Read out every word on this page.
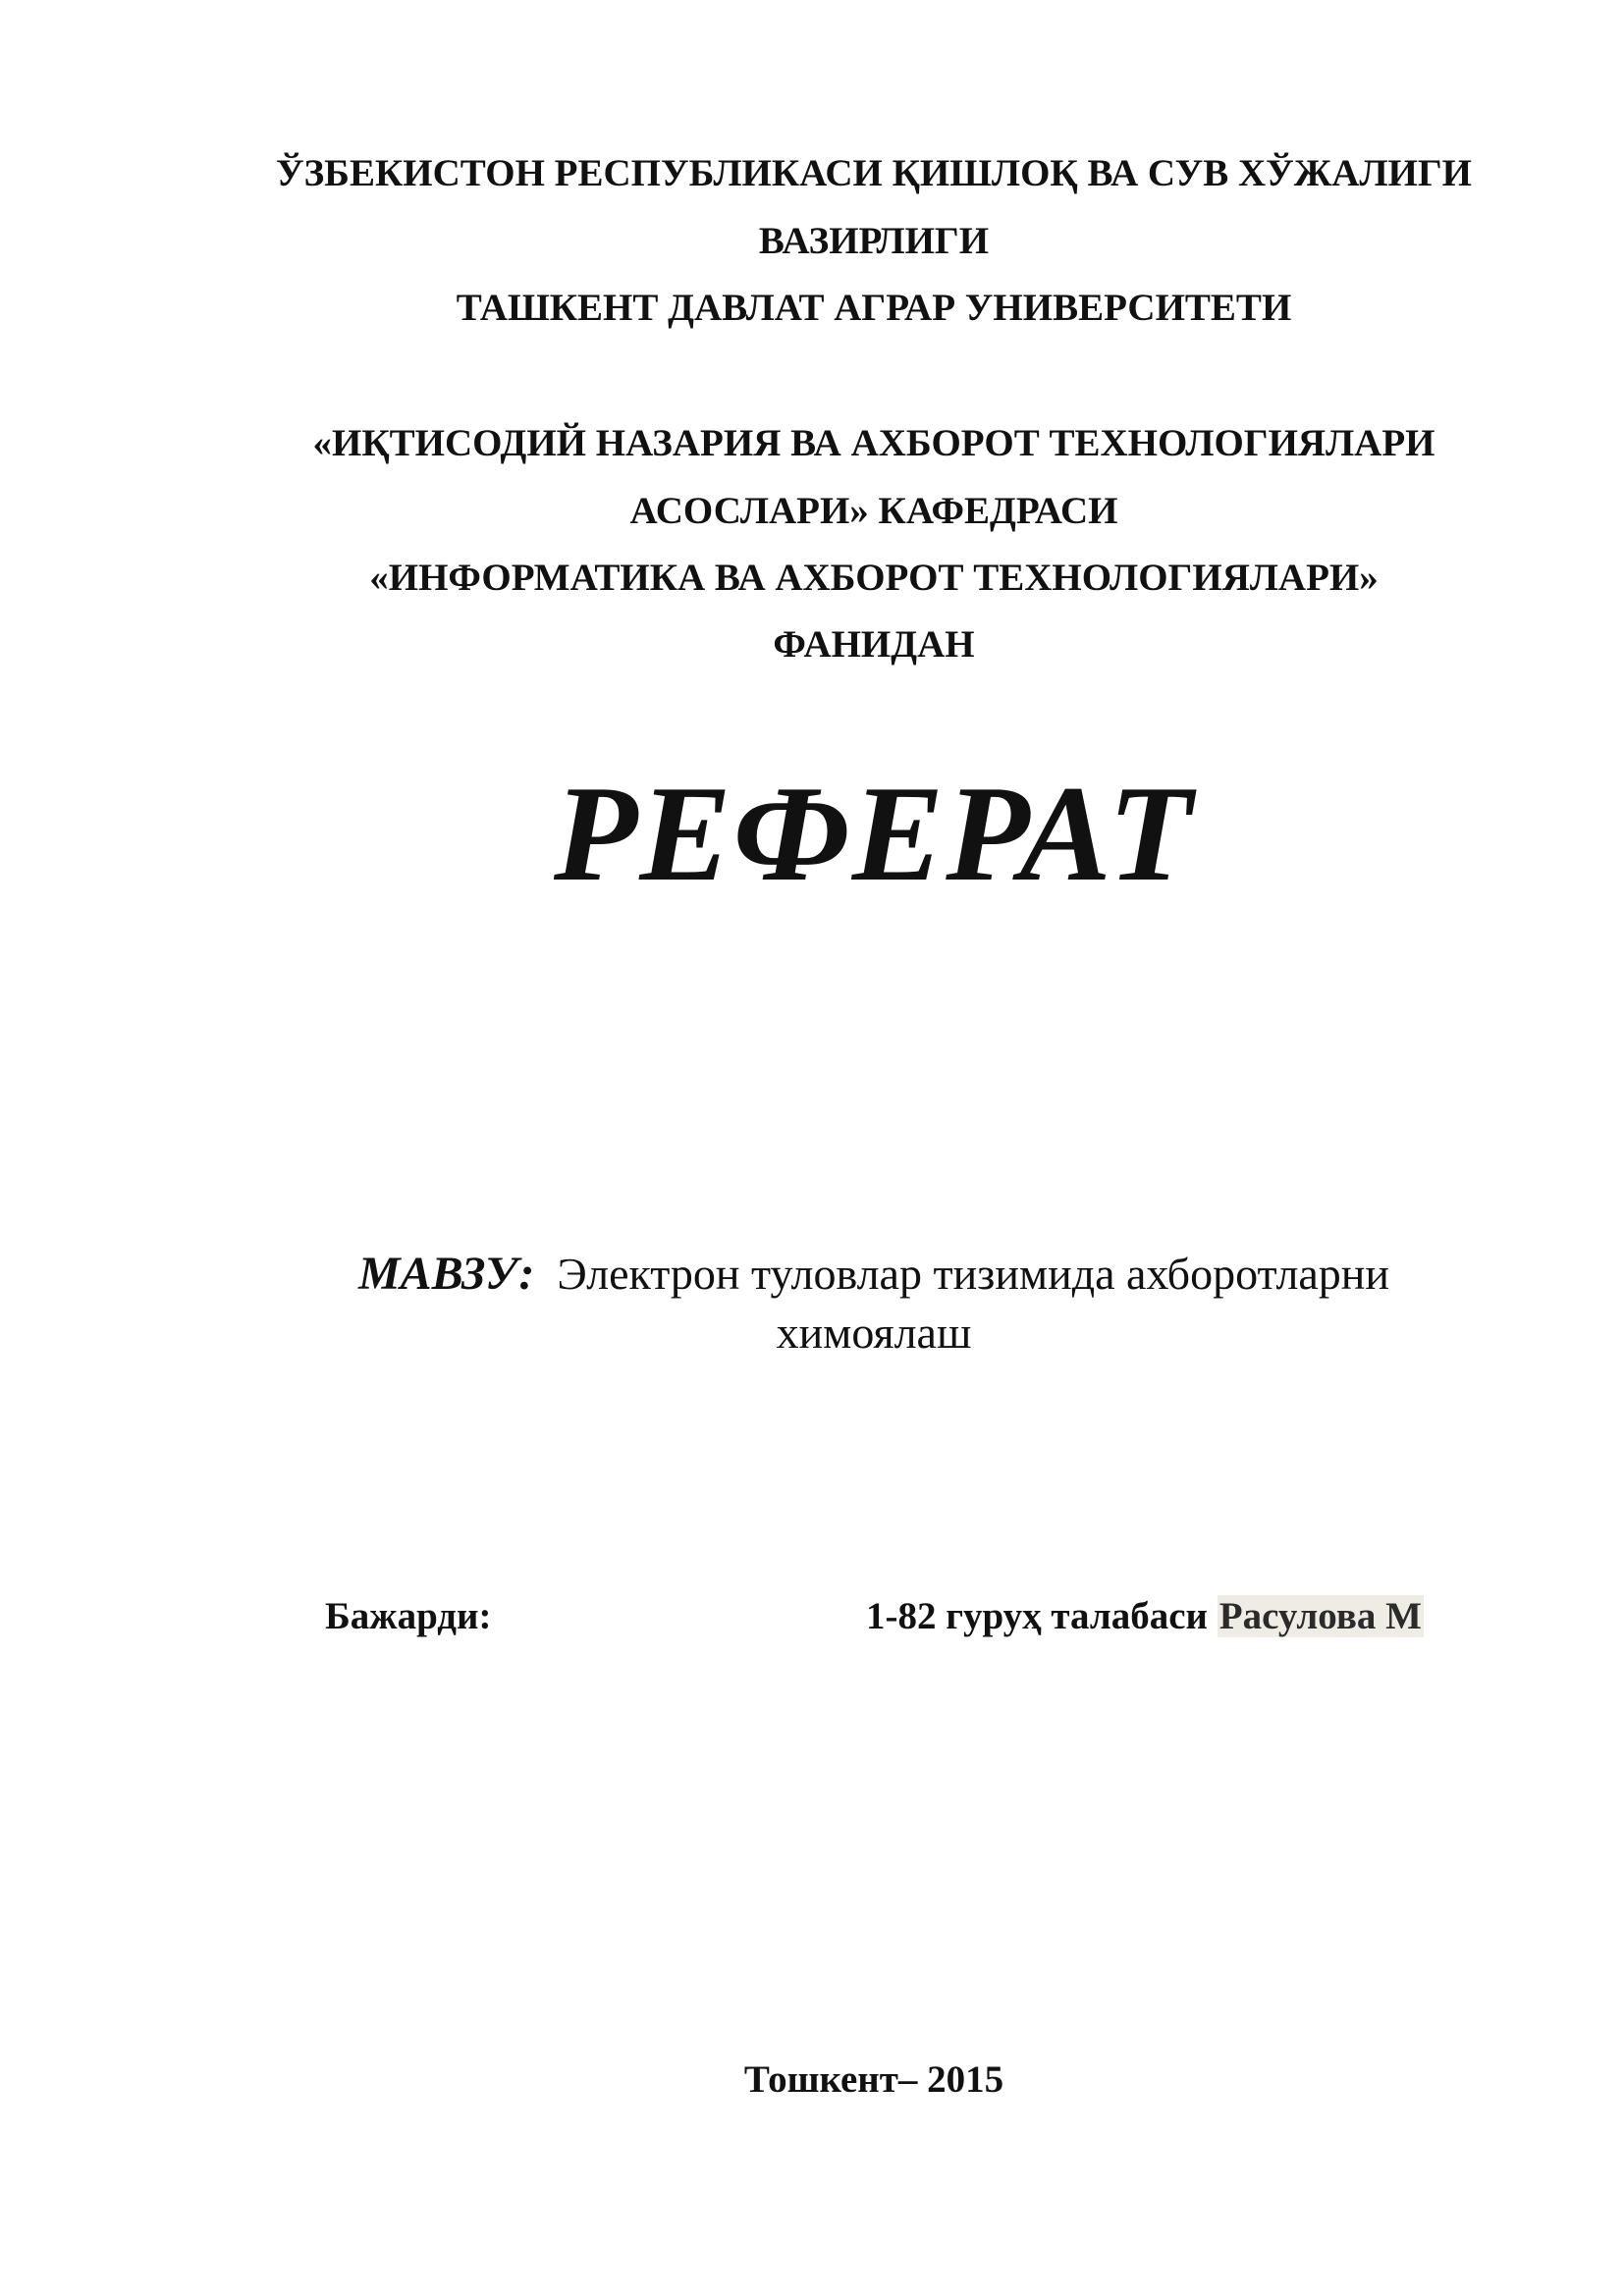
ЎЗБЕКИСТОН РЕСПУБЛИКАСИ ҚИШЛОҚ ВА СУВ ХЎЖАЛИГИ
ВАЗИРЛИГИ
ТАШКЕНТ ДАВЛАТ АГРАР УНИВЕРСИТЕТИ
«ИҚТИСОДИЙ НАЗАРИЯ ВА АХБОРОТ ТЕХНОЛОГИЯЛАРИ
АСОСЛАРИ» КАФЕДРАСИ
«ИНФОРМАТИКА ВА АХБОРОТ ТЕХНОЛОГИЯЛАРИ»
ФАНИДАН
РЕФЕРАТ
МАВЗУ: Электрон туловлар тизимида ахборотларни химоялаш
Бажарди:	1-82 гуруҳ талабаси Расулова М
Тошкент– 2015
